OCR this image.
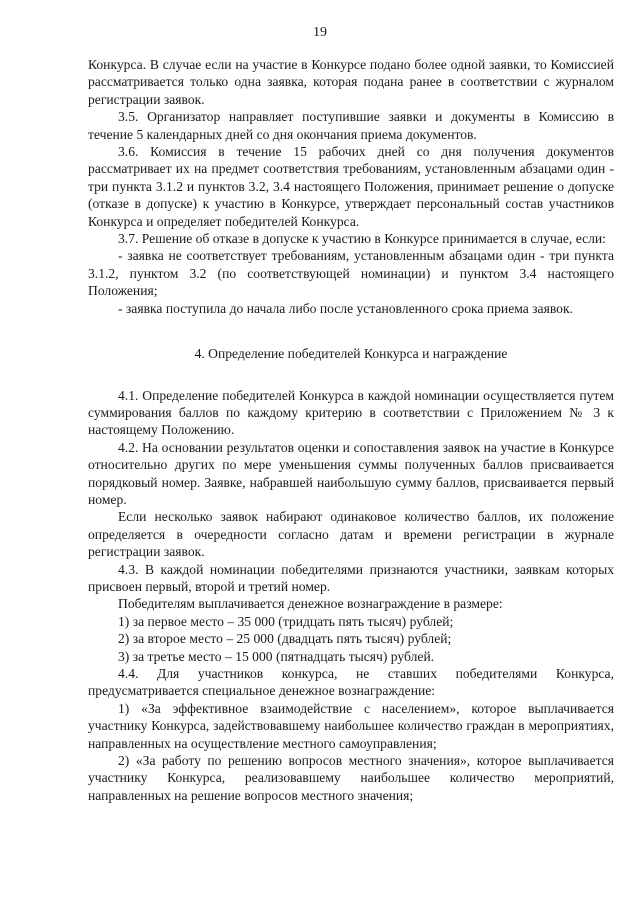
19

Конкурса. В случае если на участие в Конкурсе подано более одной заявки, то Комиссией рассматривается только одна заявка, которая подана ранее в соответствии с журналом регистрации заявок.

3.5. Организатор направляет поступившие заявки и документы в Комиссию в течение 5 календарных дней со дня окончания приема документов.

3.6. Комиссия в течение 15 рабочих дней со дня получения документов рассматривает их на предмет соответствия требованиям, установленным абзацами один - три пункта 3.1.2 и пунктов 3.2, 3.4 настоящего Положения, принимает решение о допуске (отказе в допуске) к участию в Конкурсе, утверждает персональный состав участников Конкурса и определяет победителей Конкурса.

3.7. Решение об отказе в допуске к участию в Конкурсе принимается в случае, если:

- заявка не соответствует требованиям, установленным абзацами один - три пункта 3.1.2, пунктом 3.2 (по соответствующей номинации) и пунктом 3.4 настоящего Положения;

- заявка поступила до начала либо после установленного срока приема заявок.

4. Определение победителей Конкурса и награждение

4.1. Определение победителей Конкурса в каждой номинации осуществляется путем суммирования баллов по каждому критерию в соответствии с Приложением № 3 к настоящему Положению.

4.2. На основании результатов оценки и сопоставления заявок на участие в Конкурсе относительно других по мере уменьшения суммы полученных баллов присваивается порядковый номер. Заявке, набравшей наибольшую сумму баллов, присваивается первый номер.

Если несколько заявок набирают одинаковое количество баллов, их положение определяется в очередности согласно датам и времени регистрации в журнале регистрации заявок.

4.3. В каждой номинации победителями признаются участники, заявкам которых присвоен первый, второй и третий номер.

Победителям выплачивается денежное вознаграждение в размере:

1) за первое место – 35 000 (тридцать пять тысяч) рублей;

2) за второе место – 25 000 (двадцать пять тысяч) рублей;

3) за третье место – 15 000 (пятнадцать тысяч) рублей.

4.4. Для участников конкурса, не ставших победителями Конкурса, предусматривается специальное денежное вознаграждение:

1) «За эффективное взаимодействие с населением», которое выплачивается участнику Конкурса, задействовавшему наибольшее количество граждан в мероприятиях, направленных на осуществление местного самоуправления;

2) «За работу по решению вопросов местного значения», которое выплачивается участнику Конкурса, реализовавшему наибольшее количество мероприятий, направленных на решение вопросов местного значения;
